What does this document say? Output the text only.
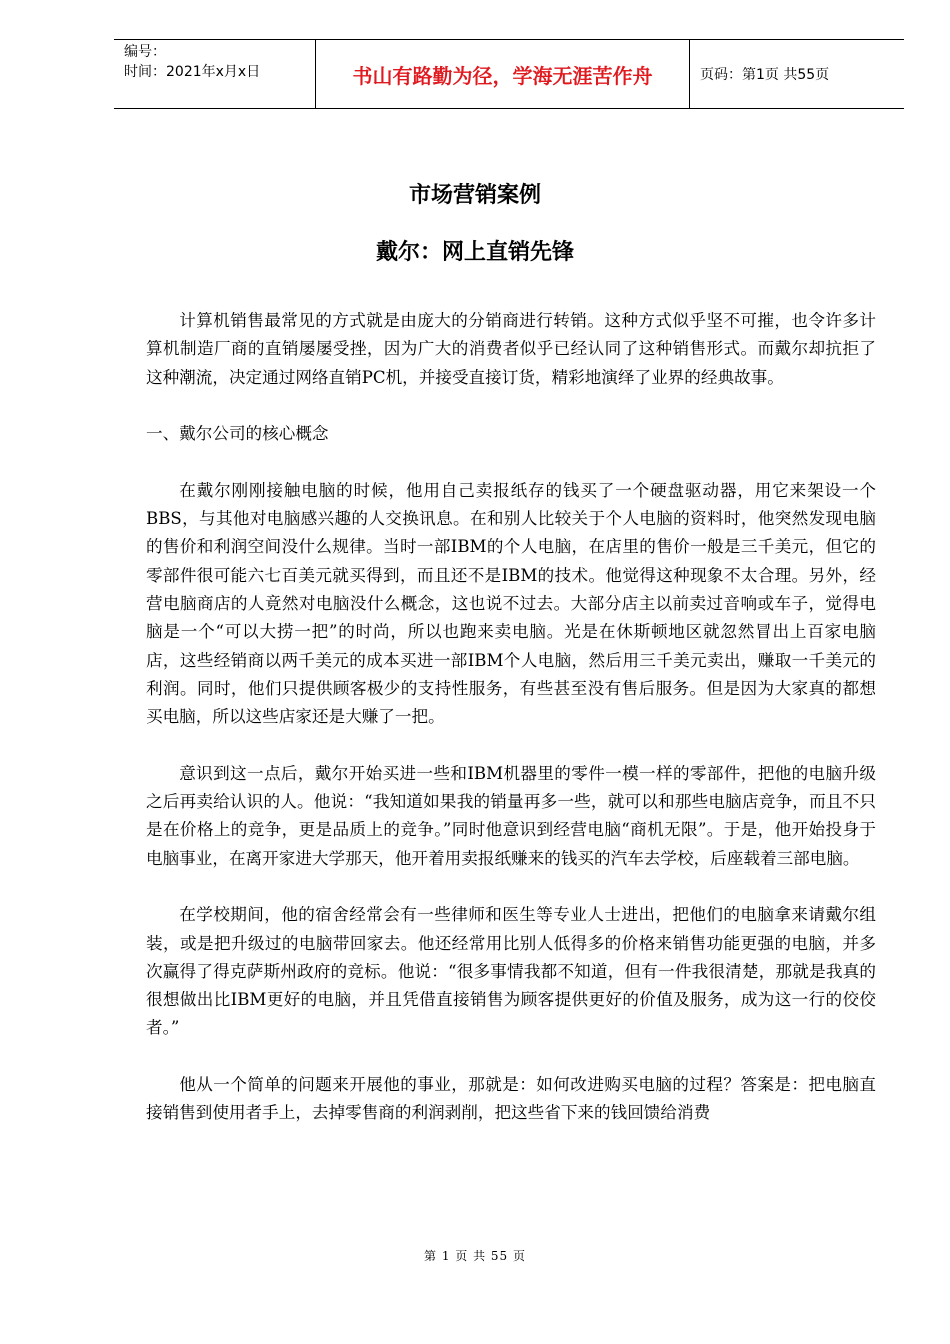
编号：
时间：2021年x月x日	书山有路勤为径，学海无涯苦作舟	页码：第1页 共55页
市场营销案例
戴尔：网上直销先锋

计算机销售最常见的方式就是由庞大的分销商进行转销。这种方式似乎坚不可摧，也令许多计算机制造厂商的直销屡屡受挫，因为广大的消费者似乎已经认同了这种销售形式。而戴尔却抗拒了这种潮流，决定通过网络直销PC机，并接受直接订货，精彩地演绎了业界的经典故事。

一、戴尔公司的核心概念

在戴尔刚刚接触电脑的时候，他用自己卖报纸存的钱买了一个硬盘驱动器，用它来架设一个BBS，与其他对电脑感兴趣的人交换讯息。在和别人比较关于个人电脑的资料时，他突然发现电脑的售价和利润空间没什么规律。当时一部IBM的个人电脑，在店里的售价一般是三千美元，但它的零部件很可能六七百美元就买得到，而且还不是IBM的技术。他觉得这种现象不太合理。另外，经营电脑商店的人竟然对电脑没什么概念，这也说不过去。大部分店主以前卖过音响或车子，觉得电脑是一个“可以大捞一把”的时尚，所以也跑来卖电脑。光是在休斯顿地区就忽然冒出上百家电脑店，这些经销商以两千美元的成本买进一部IBM个人电脑，然后用三千美元卖出，赚取一千美元的利润。同时，他们只提供顾客极少的支持性服务，有些甚至没有售后服务。但是因为大家真的都想买电脑，所以这些店家还是大赚了一把。

意识到这一点后，戴尔开始买进一些和IBM机器里的零件一模一样的零部件，把他的电脑升级之后再卖给认识的人。他说：“我知道如果我的销量再多一些，就可以和那些电脑店竞争，而且不只是在价格上的竞争，更是品质上的竞争。”同时他意识到经营电脑“商机无限”。于是，他开始投身于电脑事业，在离开家进大学那天，他开着用卖报纸赚来的钱买的汽车去学校，后座载着三部电脑。

在学校期间，他的宿舍经常会有一些律师和医生等专业人士进出，把他们的电脑拿来请戴尔组装，或是把升级过的电脑带回家去。他还经常用比别人低得多的价格来销售功能更强的电脑，并多次赢得了得克萨斯州政府的竞标。他说：“很多事情我都不知道，但有一件我很清楚，那就是我真的很想做出比IBM更好的电脑，并且凭借直接销售为顾客提供更好的价值及服务，成为这一行的佼佼者。”

他从一个简单的问题来开展他的事业，那就是：如何改进购买电脑的过程？答案是：把电脑直接销售到使用者手上，去掉零售商的利润剥削，把这些省下来的钱回馈给消费

第 1 页 共 55 页
